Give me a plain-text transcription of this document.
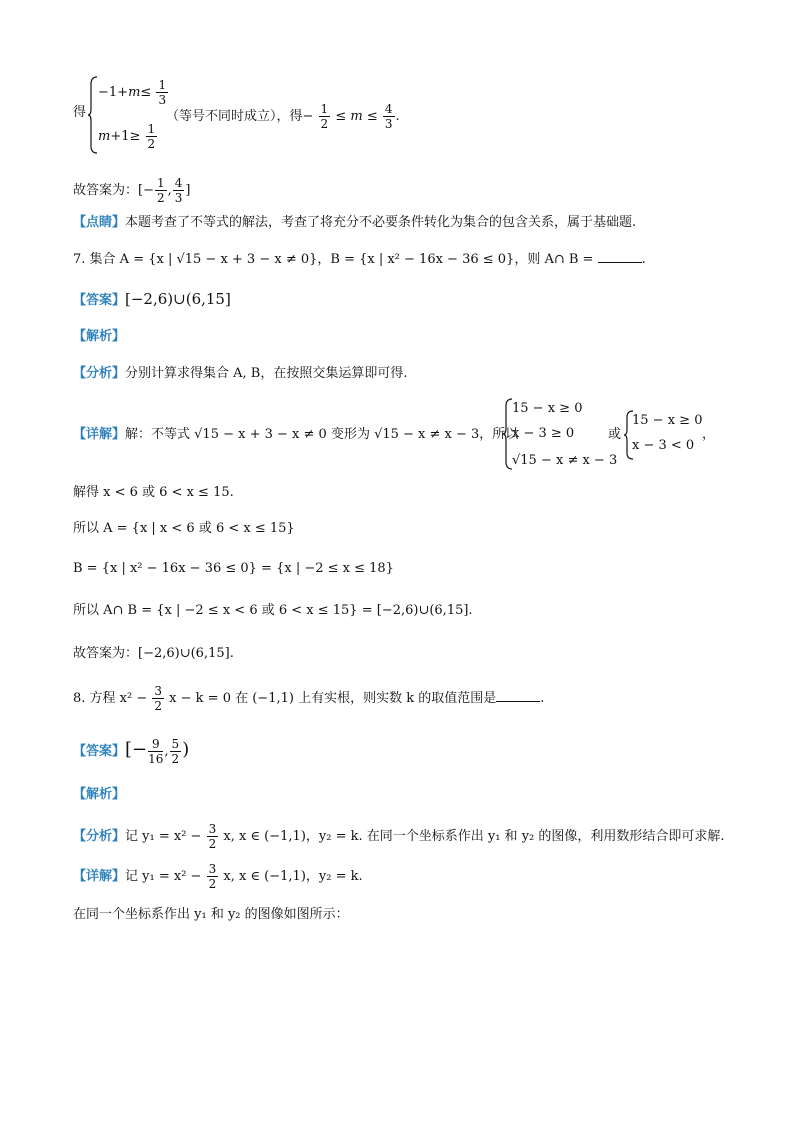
得
$-1+m\le \frac{1}{3}$
$m+1\ge \frac{1}{2}$
（等号不同时成立），得− $\frac{1}{2} \le m \le \frac{4}{3}$ .
故答案为：[− $\frac{1}{2}$ , $\frac{4}{3}$ ]
【点睛】本题考查了不等式的解法，考查了将充分不必要条件转化为集合的包含关系，属于基础题.
7. 集合 A = {x | √15 − x + 3 − x ≠ 0}，B = {x | x² − 16x − 36 ≤ 0}，则 A∩ B =	.
【答案】[−2,6)∪(6,15]
【解析】
【分析】分别计算求得集合 A, B，在按照交集运算即可得.
【详解】解：不等式 √15 − x + 3 − x ≠ 0 变形为 √15 − x ≠ x − 3，所以
15 − x ≥ 0
x − 3 ≥ 0
√15 − x ≠ x − 3
或
15 − x ≥ 0
x − 3 < 0
，
解得 x < 6 或 6 < x ≤ 15.
所以 A = {x | x < 6 或 6 < x ≤ 15}
B = {x | x² − 16x − 36 ≤ 0} = {x | −2 ≤ x ≤ 18}
所以 A∩ B = {x | −2 ≤ x < 6 或 6 < x ≤ 15} = [−2,6)∪(6,15].
故答案为：[−2,6)∪(6,15].
8. 方程 $x^2 - \frac{3}{2}$ x − k = 0 在 (−1,1) 上有实根，则实数 k 的取值范围是	.
【答案】[− $\frac{9}{16}$ , $\frac{5}{2}$ )
【解析】
【分析】记 $y_1 = x^2 - \frac{3}{2} x$, x ∈ (−1,1)，y₂ = k. 在同一个坐标系作出 y₁ 和 y₂ 的图像，利用数形结合即可求解.
【详解】记 $y_1 = x^2 - \frac{3}{2} x$, x ∈ (−1,1)，y₂ = k.
在同一个坐标系作出 y₁ 和 y₂ 的图像如图所示：
